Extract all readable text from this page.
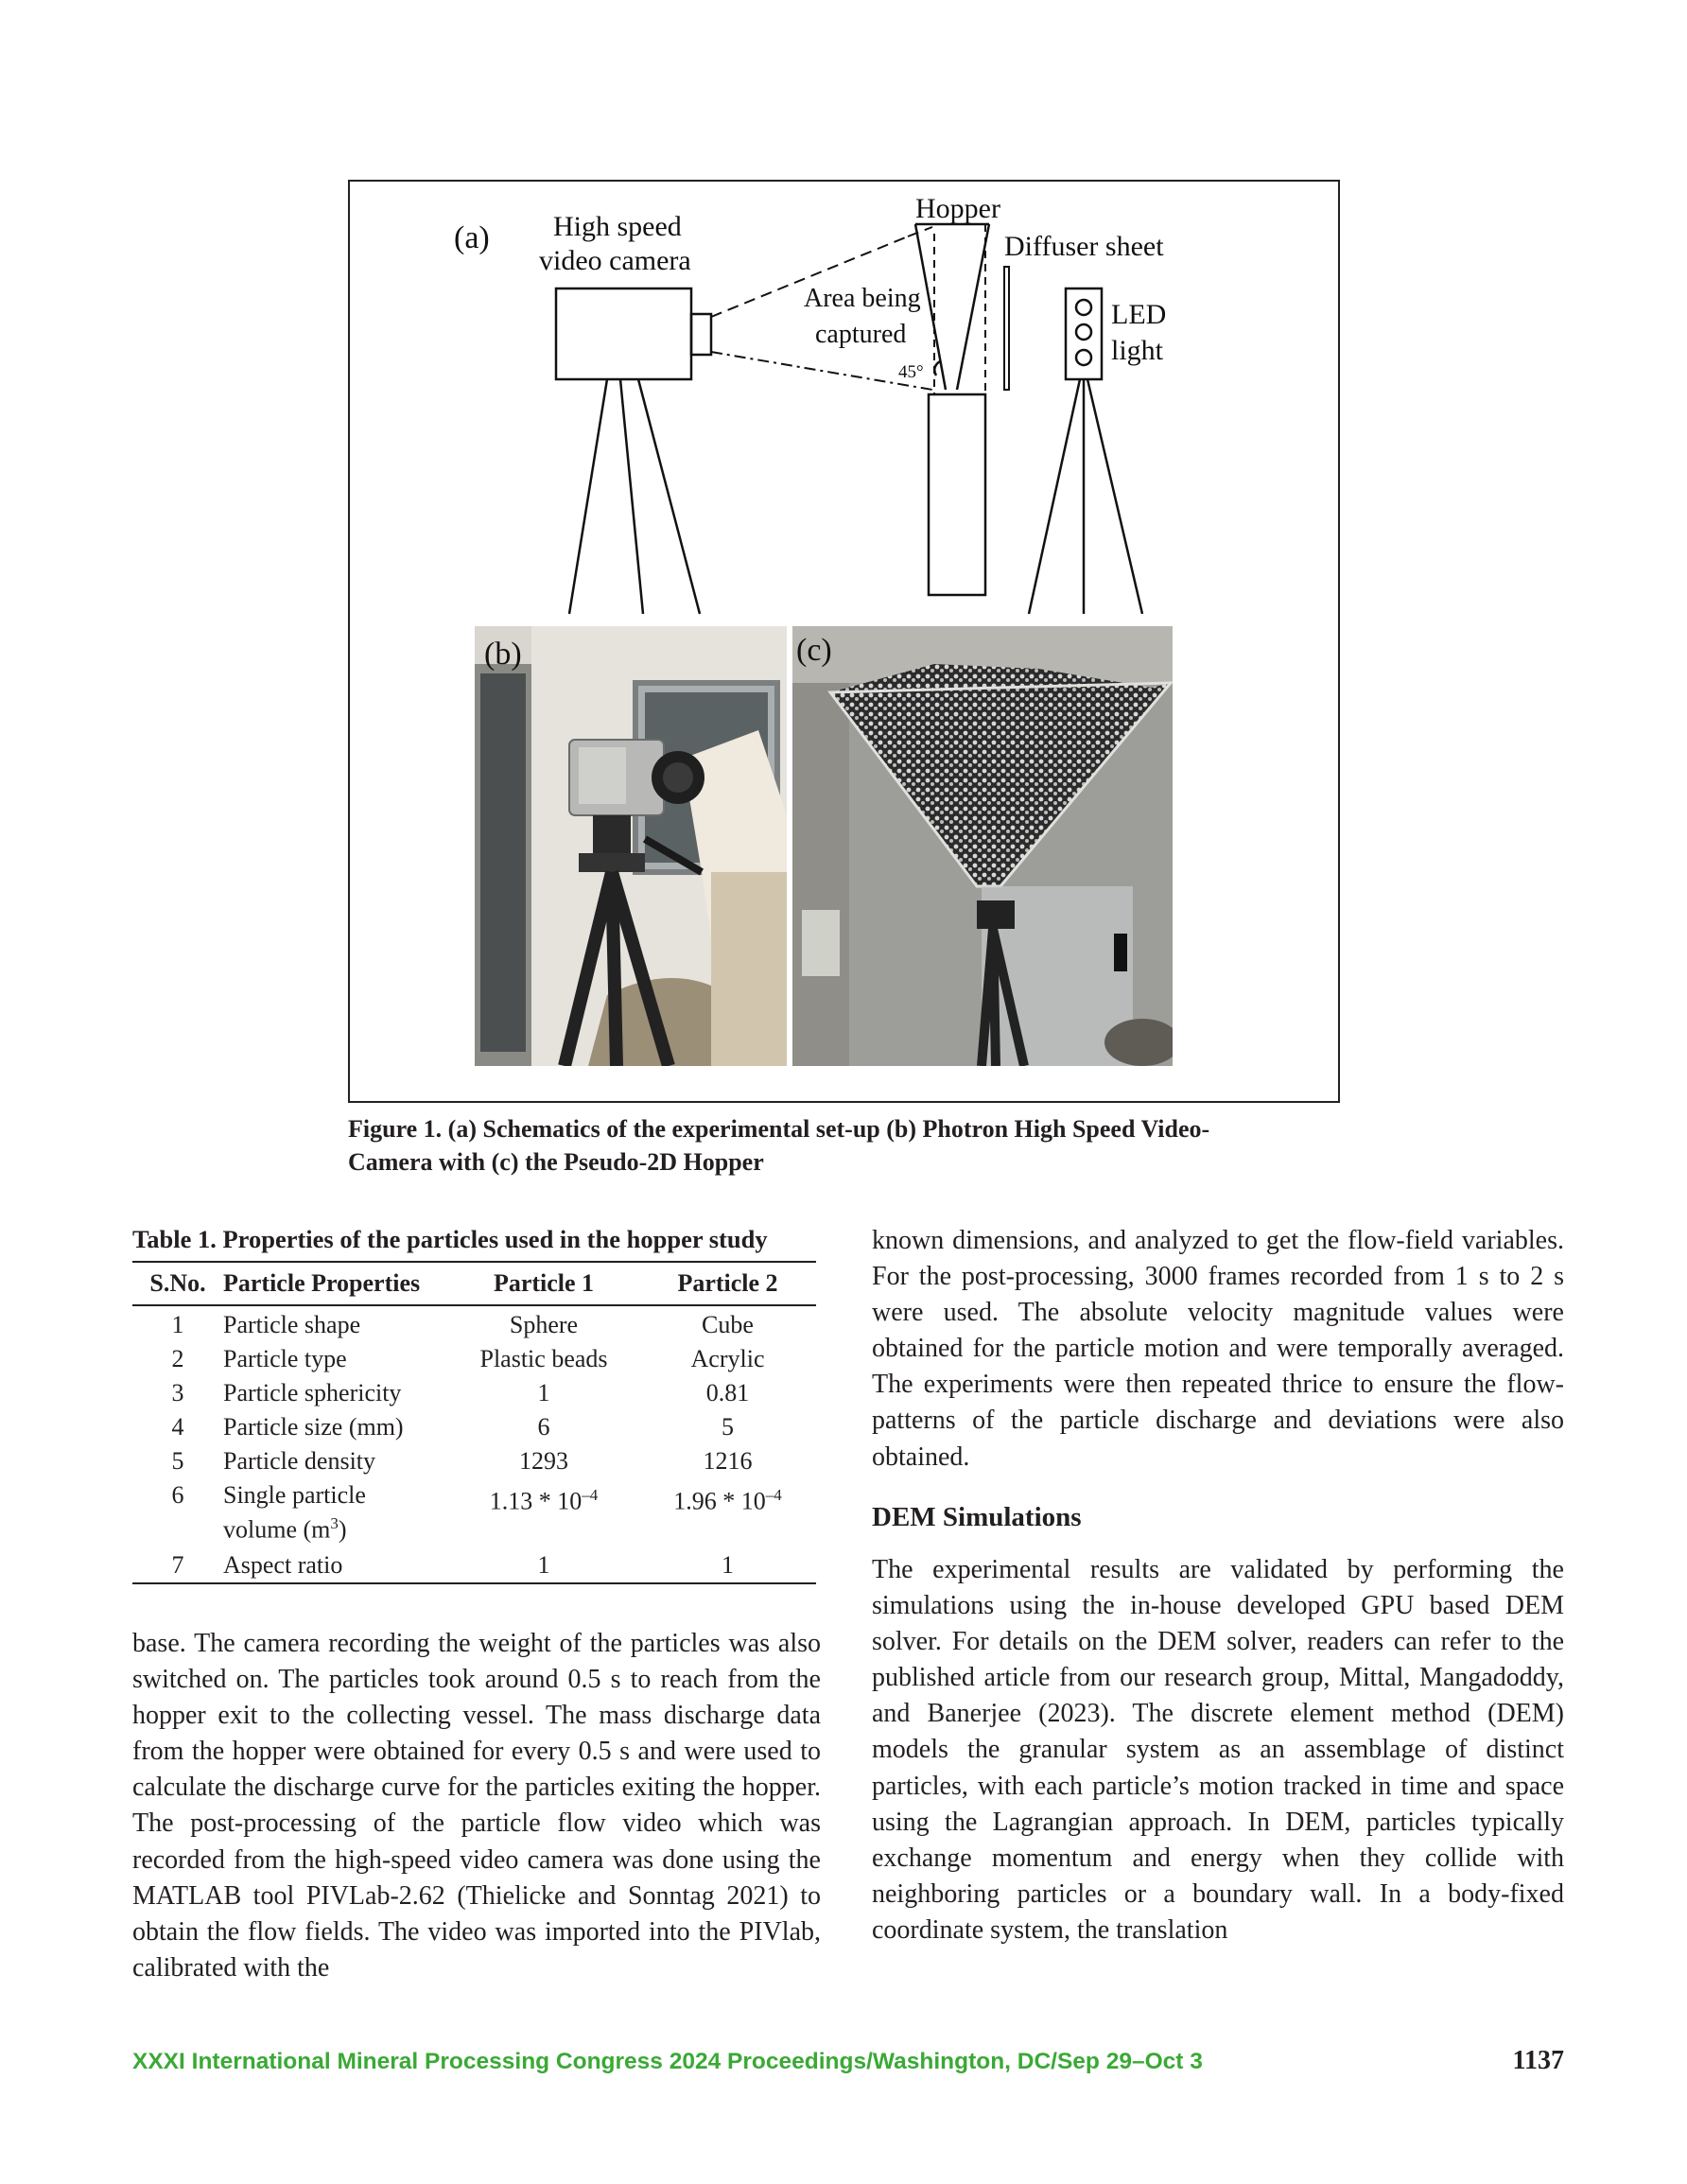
(a) High speed
video camera
Hopper
Diffuser sheet
Area being
captured
45°
LED
light
(b)	(c)
Figure 1. (a) Schematics of the experimental set-up (b) Photron High Speed Video-
Camera with (c) the Pseudo-2D Hopper
Table 1. Properties of the particles used in the hopper study
S.No.	Particle Properties	Particle 1	Particle 2
1	Particle shape	Sphere	Cube
2	Particle type	Plastic beads	Acrylic
3	Particle sphericity	1	0.81
4	Particle size (mm)	6	5
5	Particle density	1293	1216
6	Single particle
volume $(m^3)$	$1.13 * 10^{-4}$	$1.96 * 10^{-4}$
7	Aspect ratio	1	1

base. The camera recording the weight of the particles was also switched on. The particles took around 0.5 s to reach from the hopper exit to the collecting vessel. The mass discharge data from the hopper were obtained for every 0.5 s and were used to calculate the discharge curve for the particles exiting the hopper. The post-processing of the particle flow video which was recorded from the high-speed video camera was done using the MATLAB tool PIVLab-2.62 (Thielicke and Sonntag 2021) to obtain the flow fields. The video was imported into the PIVlab, calibrated with the

known dimensions, and analyzed to get the flow-field variables. For the post-processing, 3000 frames recorded from 1 s to 2 s were used. The absolute velocity magnitude values were obtained for the particle motion and were temporally averaged. The experiments were then repeated thrice to ensure the flow-patterns of the particle discharge and deviations were also obtained.

DEM Simulations

The experimental results are validated by performing the simulations using the in-house developed GPU based DEM solver. For details on the DEM solver, readers can refer to the published article from our research group, Mittal, Mangadoddy, and Banerjee (2023). The discrete element method (DEM) models the granular system as an assemblage of distinct particles, with each particle’s motion tracked in time and space using the Lagrangian approach. In DEM, particles typically exchange momentum and energy when they collide with neighboring particles or a boundary wall. In a body-fixed coordinate system, the translation

XXXI International Mineral Processing Congress 2024 Proceedings/Washington, DC/Sep 29–Oct 3	1137
